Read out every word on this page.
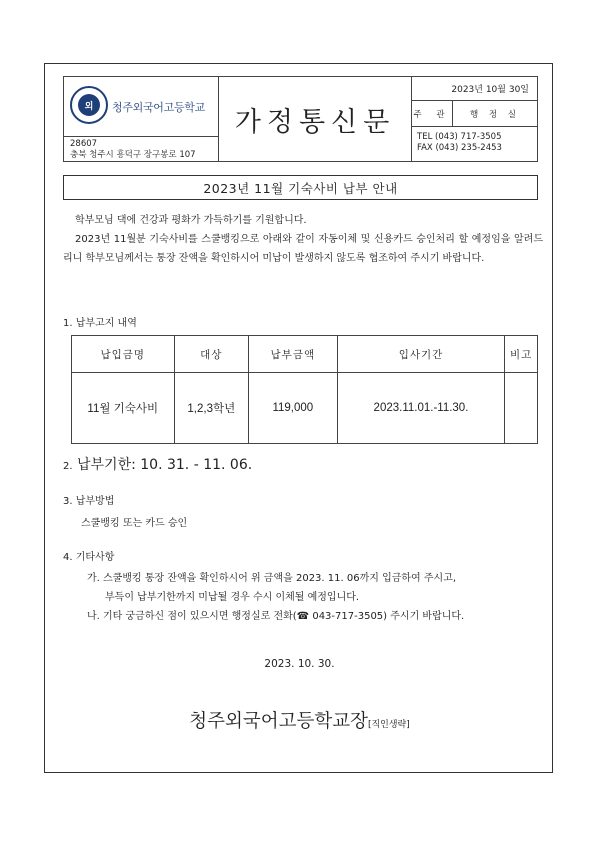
외	청주외국어고등학교
28607
충북 청주시 흥덕구 장구봉로 107
가정통신문
2023년 10월 30일
주 관	행 정 실
TEL (043) 717-3505
FAX (043) 235-2453
2023년 11월 기숙사비 납부 안내
학부모님 댁에 건강과 평화가 가득하기를 기원합니다.
2023년 11월분 기숙사비를 스쿨뱅킹으로 아래와 같이 자동이체 및 신용카드 승인처리 할 예정임을 알려드리니 학부모님께서는 통장 잔액을 확인하시어 미납이 발생하지 않도록 협조하여 주시기 바랍니다.
1. 납부고지 내역
납입금명	대상	납부금액	입사기간	비고
11월 기숙사비	1,2,3학년	119,000	2023.11.01.-11.30.	
2. 납부기한: 10. 31. - 11. 06.
3. 납부방법
스쿨뱅킹 또는 카드 승인
4. 기타사항
가. 스쿨뱅킹 통장 잔액을 확인하시어 위 금액을 2023. 11. 06까지 입금하여 주시고,
부득이 납부기한까지 미납될 경우 수시 이체될 예정입니다.
나. 기타 궁금하신 점이 있으시면 행정실로 전화(☎ 043-717-3505) 주시기 바랍니다.
2023. 10. 30.
청주외국어고등학교장[직인생략]
